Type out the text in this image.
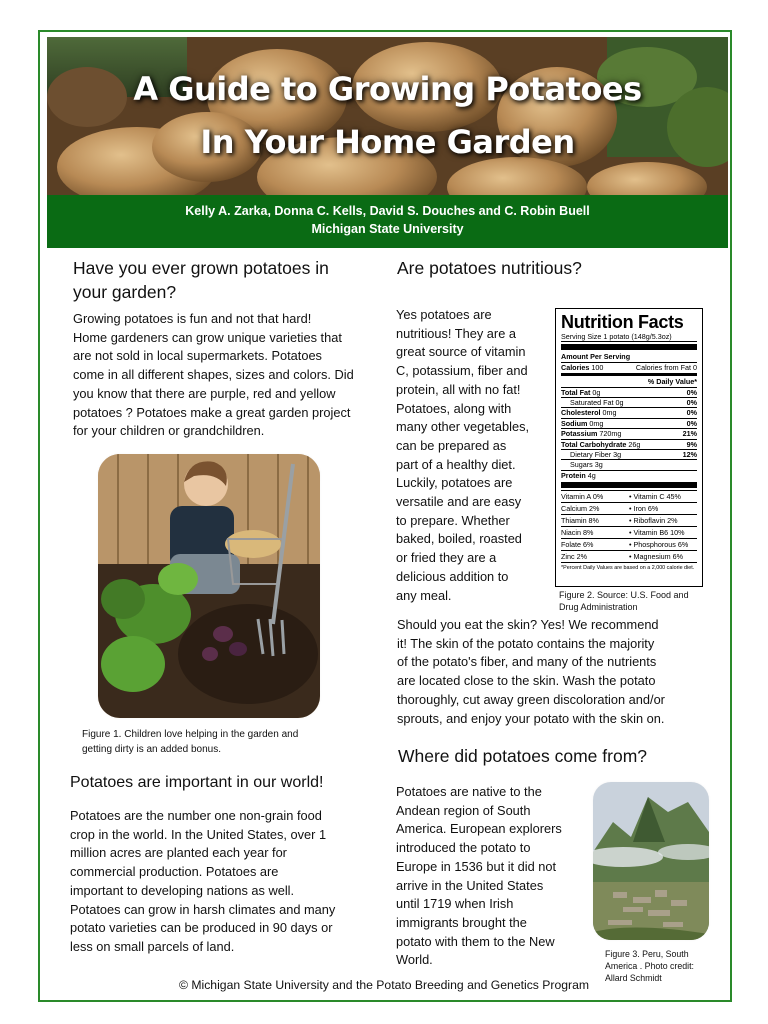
A Guide to Growing Potatoes
In Your Home Garden
Kelly A. Zarka, Donna C. Kells, David S. Douches and C. Robin Buell
Michigan State University
Have you ever grown potatoes in
your garden?
Growing potatoes is fun and not that hard!
Home gardeners can grow unique varieties that
are not sold in local supermarkets. Potatoes
come in all different shapes, sizes and colors. Did
you know that there are purple, red and yellow
potatoes ? Potatoes make a great garden project
for your children or grandchildren.
Figure 1. Children love helping in the garden and
getting dirty is an added bonus.
Potatoes are important in our world!
Potatoes are the number one non-grain food
crop in the world. In the United States, over 1
million acres are planted each year for
commercial production. Potatoes are
important to developing nations as well.
Potatoes can grow in harsh climates and many
potato varieties can be produced in 90 days or
less on small parcels of land.
Are potatoes nutritious?
Yes potatoes are
nutritious! They are a
great source of vitamin
C, potassium, fiber and
protein, all with no fat!
Potatoes, along with
many other vegetables,
can be prepared as
part of a healthy diet.
Luckily, potatoes are
versatile and are easy
to prepare. Whether
baked, boiled, roasted
or fried they are a
delicious addition to
any meal.
Nutrition Facts
Serving Size 1 potato (148g/5.3oz)
Amount Per Serving
Calories 100	Calories from Fat 0
% Daily Value*
Total Fat 0g	0%
Saturated Fat 0g	0%
Cholesterol 0mg	0%
Sodium 0mg	0%
Potassium 720mg	21%
Total Carbohydrate 26g	9%
Dietary Fiber 3g	12%
Sugars 3g
Protein 4g
Vitamin A 0%	• Vitamin C 45%
Calcium 2%	• Iron 6%
Thiamin 8%	• Riboflavin 2%
Niacin 8%	• Vitamin B6 10%
Folate 6%	• Phosphorous 6%
Zinc 2%	• Magnesium 6%
*Percent Daily Values are based on a 2,000 calorie diet.
Figure 2. Source: U.S. Food and
Drug Administration
Should you eat the skin? Yes! We recommend
it! The skin of the potato contains the majority
of the potato's fiber, and many of the nutrients
are located close to the skin. Wash the potato
thoroughly, cut away green discoloration and/or
sprouts, and enjoy your potato with the skin on.
Where did potatoes come from?
Potatoes are native to the
Andean region of South
America. European explorers
introduced the potato to
Europe in 1536 but it did not
arrive in the United States
until 1719 when Irish
immigrants brought the
potato with them to the New
World.	Figure 3. Peru, South
America . Photo credit:
Allard Schmidt
© Michigan State University and the Potato Breeding and Genetics Program
